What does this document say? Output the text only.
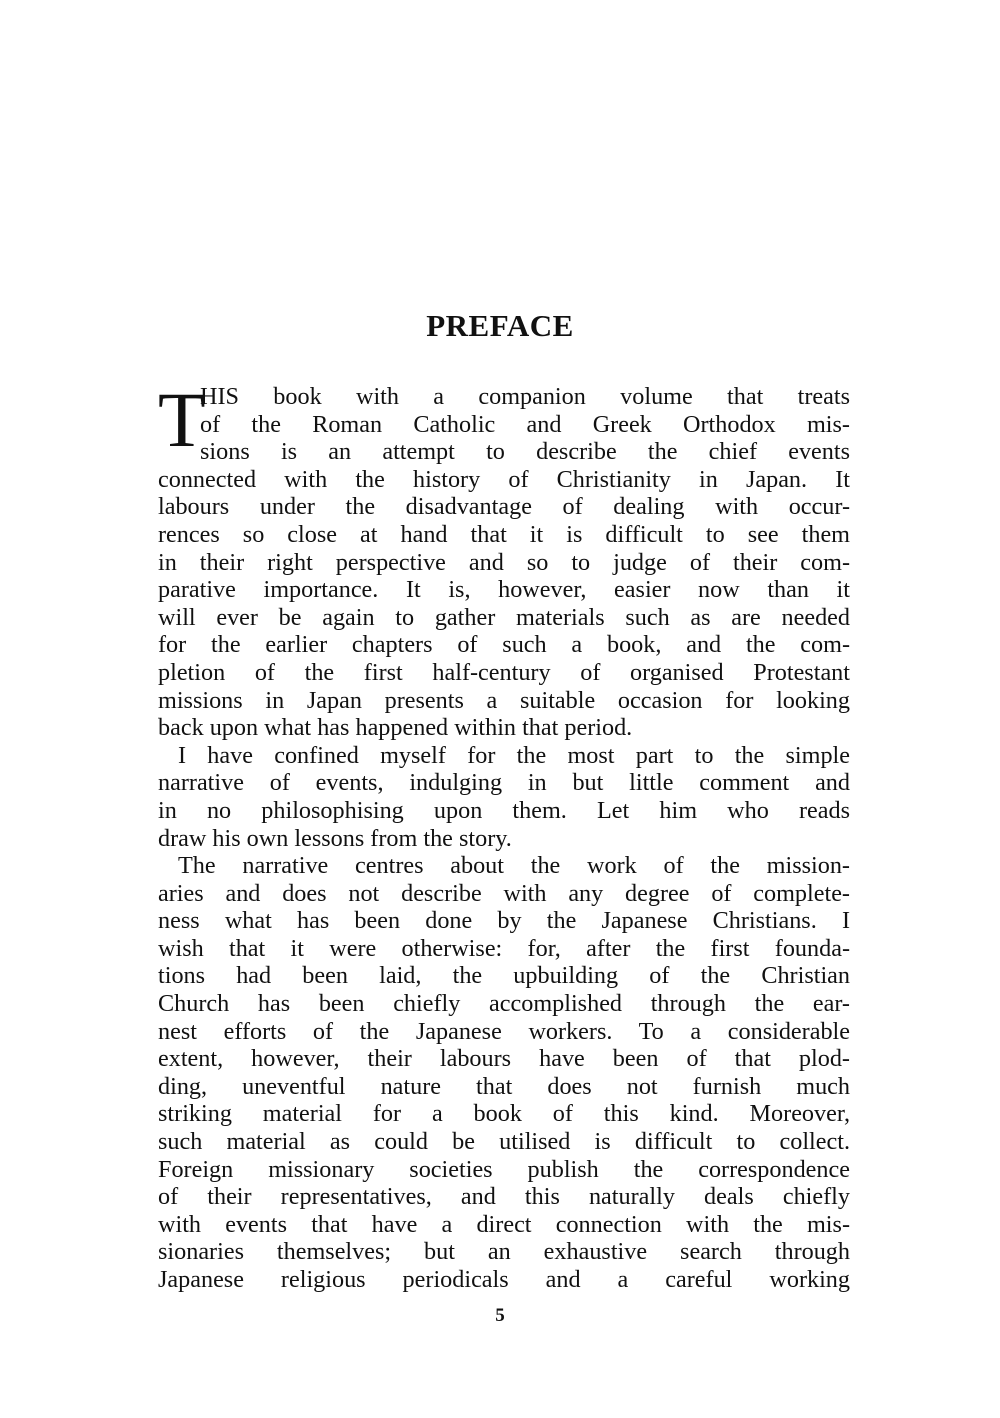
PREFACE
T
HIS book with a companion volume that treats
of the Roman Catholic and Greek Orthodox mis-
sions is an attempt to describe the chief events
connected with the history of Christianity in Japan. It
labours under the disadvantage of dealing with occur-
rences so close at hand that it is difficult to see them
in their right perspective and so to judge of their com-
parative importance. It is, however, easier now than it
will ever be again to gather materials such as are needed
for the earlier chapters of such a book, and the com-
pletion of the first half-century of organised Protestant
missions in Japan presents a suitable occasion for looking
back upon what has happened within that period.
I have confined myself for the most part to the simple
narrative of events, indulging in but little comment and
in no philosophising upon them. Let him who reads
draw his own lessons from the story.
The narrative centres about the work of the mission-
aries and does not describe with any degree of complete-
ness what has been done by the Japanese Christians. I
wish that it were otherwise: for, after the first founda-
tions had been laid, the upbuilding of the Christian
Church has been chiefly accomplished through the ear-
nest efforts of the Japanese workers. To a considerable
extent, however, their labours have been of that plod-
ding, uneventful nature that does not furnish much
striking material for a book of this kind. Moreover,
such material as could be utilised is difficult to collect.
Foreign missionary societies publish the correspondence
of their representatives, and this naturally deals chiefly
with events that have a direct connection with the mis-
sionaries themselves; but an exhaustive search through
Japanese religious periodicals and a careful working
5
